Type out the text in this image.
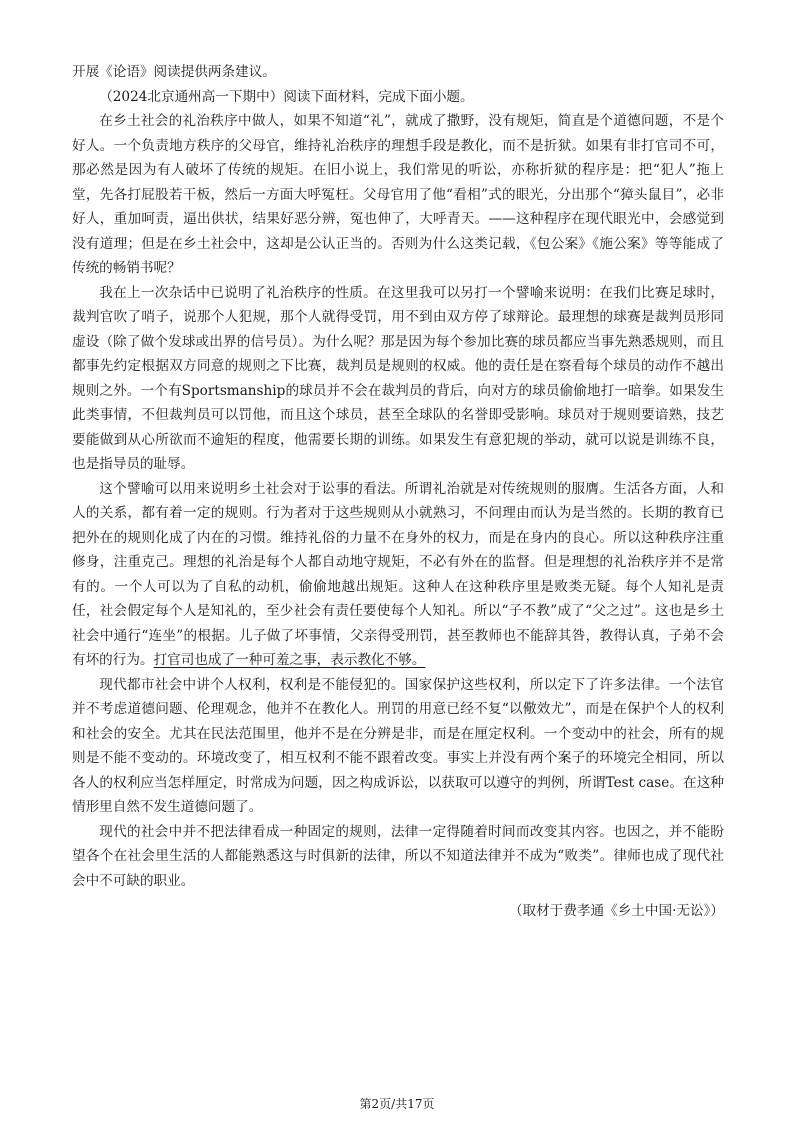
开展《论语》阅读提供两条建议。

（2024北京通州高一下期中）阅读下面材料，完成下面小题。

在乡土社会的礼治秩序中做人，如果不知道“礼”，就成了撒野，没有规矩，简直是个道德问题，不是个好人。一个负责地方秩序的父母官，维持礼治秩序的理想手段是教化，而不是折狱。如果有非打官司不可，那必然是因为有人破坏了传统的规矩。在旧小说上，我们常见的听讼，亦称折狱的程序是：把“犯人”拖上堂，先各打屁股若干板，然后一方面大呼冤枉。父母官用了他“看相”式的眼光，分出那个“獐头鼠目”，必非好人，重加呵责，逼出供状，结果好恶分辨，冤也伸了，大呼青天。——这种程序在现代眼光中，会感觉到没有道理；但是在乡土社会中，这却是公认正当的。否则为什么这类记载，《包公案》《施公案》等等能成了传统的畅销书呢？

我在上一次杂话中已说明了礼治秩序的性质。在这里我可以另打一个譬喻来说明：在我们比赛足球时，裁判官吹了哨子，说那个人犯规，那个人就得受罚，用不到由双方停了球辩论。最理想的球赛是裁判员形同虚设（除了做个发球或出界的信号员）。为什么呢？那是因为每个参加比赛的球员都应当事先熟悉规则，而且都事先约定根据双方同意的规则之下比赛，裁判员是规则的权威。他的责任是在察看每个球员的动作不越出规则之外。一个有Sportsmanship的球员并不会在裁判员的背后，向对方的球员偷偷地打一暗拳。如果发生此类事情，不但裁判员可以罚他，而且这个球员，甚至全球队的名誉即受影响。球员对于规则要谙熟，技艺要能做到从心所欲而不逾矩的程度，他需要长期的训练。如果发生有意犯规的举动，就可以说是训练不良，也是指导员的耻辱。

这个譬喻可以用来说明乡土社会对于讼事的看法。所谓礼治就是对传统规则的服膺。生活各方面，人和人的关系，都有着一定的规则。行为者对于这些规则从小就熟习，不问理由而认为是当然的。长期的教育已把外在的规则化成了内在的习惯。维持礼俗的力量不在身外的权力，而是在身内的良心。所以这种秩序注重修身，注重克己。理想的礼治是每个人都自动地守规矩，不必有外在的监督。但是理想的礼治秩序并不是常有的。一个人可以为了自私的动机，偷偷地越出规矩。这种人在这种秩序里是败类无疑。每个人知礼是责任，社会假定每个人是知礼的，至少社会有责任要使每个人知礼。所以“子不教”成了“父之过”。这也是乡土社会中通行“连坐”的根据。儿子做了坏事情，父亲得受刑罚，甚至教师也不能辞其咎，教得认真，子弟不会有坏的行为。打官司也成了一种可羞之事，表示教化不够。

现代都市社会中讲个人权利，权利是不能侵犯的。国家保护这些权利，所以定下了许多法律。一个法官并不考虑道德问题、伦理观念，他并不在教化人。刑罚的用意已经不复“以儆效尤”，而是在保护个人的权利和社会的安全。尤其在民法范围里，他并不是在分辨是非，而是在厘定权利。一个变动中的社会，所有的规则是不能不变动的。环境改变了，相互权利不能不跟着改变。事实上并没有两个案子的环境完全相同，所以各人的权利应当怎样厘定，时常成为问题，因之构成诉讼，以获取可以遵守的判例，所谓Test case。在这种情形里自然不发生道德问题了。

现代的社会中并不把法律看成一种固定的规则，法律一定得随着时间而改变其内容。也因之，并不能盼望各个在社会里生活的人都能熟悉这与时俱新的法律，所以不知道法律并不成为“败类”。律师也成了现代社会中不可缺的职业。

（取材于费孝通《乡土中国·无讼》）

第2页/共17页
